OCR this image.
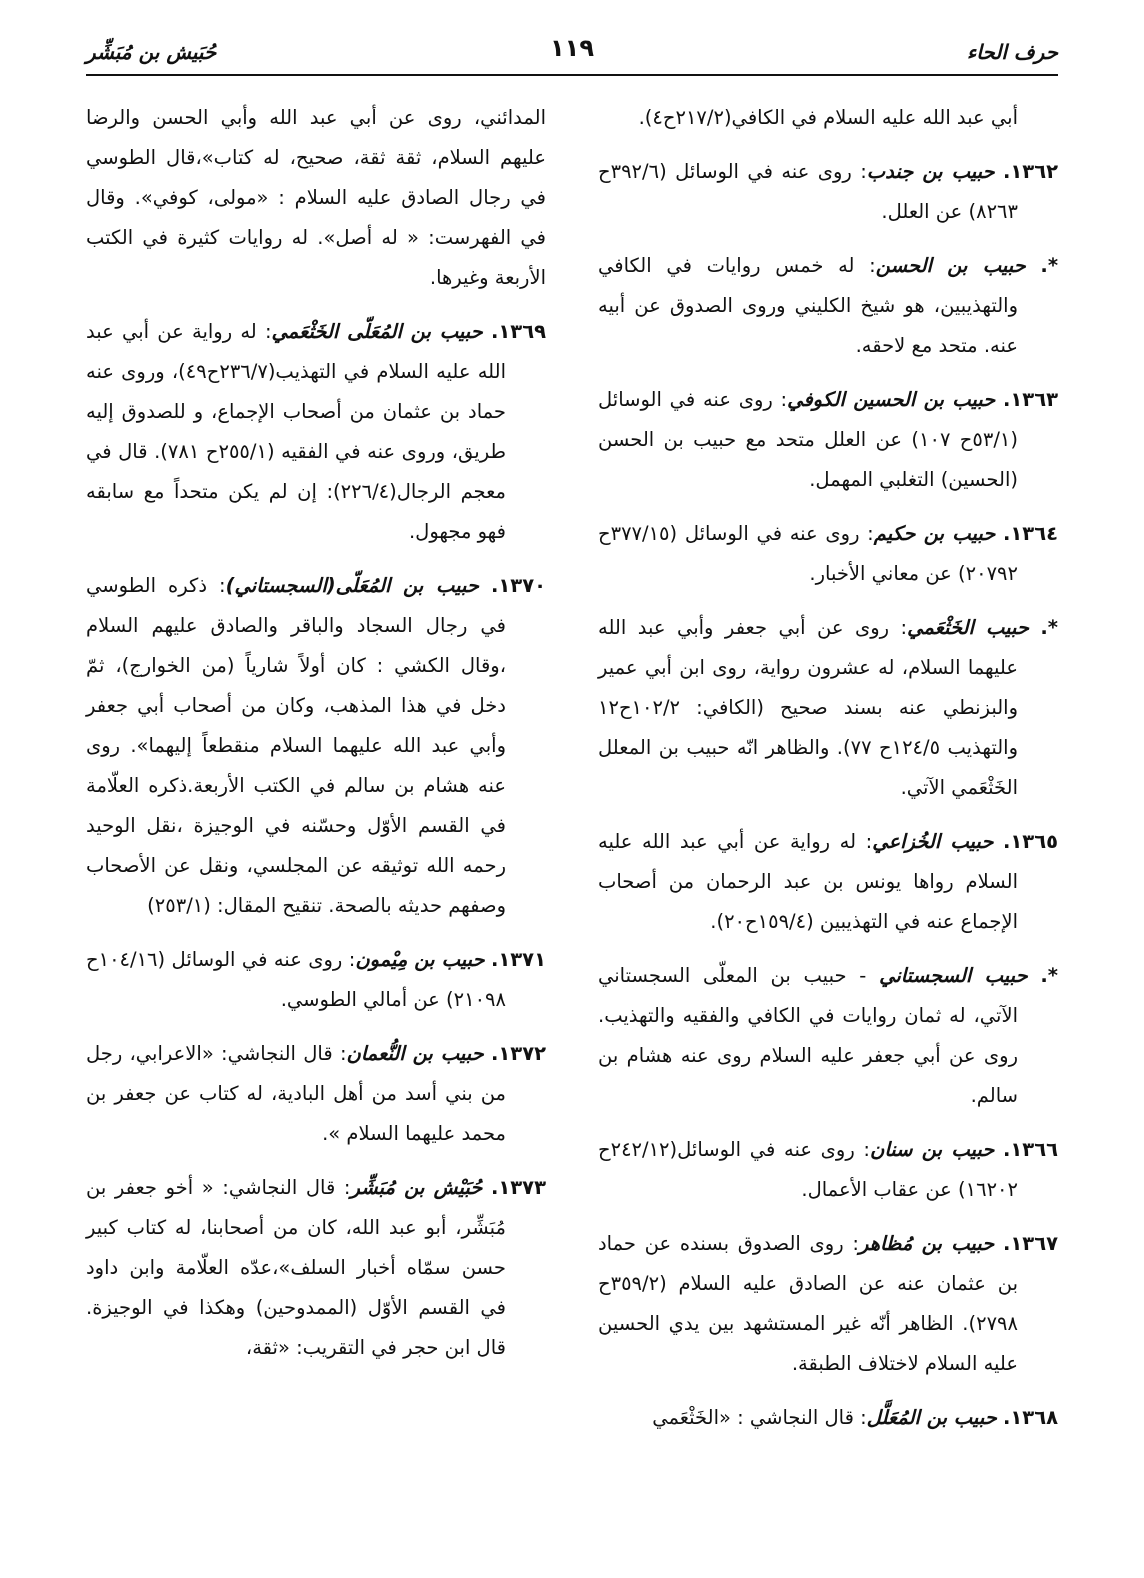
حرف الحاء
١١٩
حُبَيش بن مُبَشِّر

أبي عبد الله عليه السلام في الكافي(٢١٧/٢ح٤).

١٣٦٢. حبيب بن جندب: روى عنه في الوسائل (٣٩٢/٦ح ٨٢٦٣) عن العلل.

*. حبيب بن الحسن: له خمس روايات في الكافي والتهذيبين، هو شيخ الكليني وروى الصدوق عن أبيه عنه. متحد مع لاحقه.

١٣٦٣. حبيب بن الحسين الكوفي: روى عنه في الوسائل (٥٣/١ح ١٠٧) عن العلل متحد مع حبيب بن الحسن (الحسين) التغلبي المهمل.

١٣٦٤. حبيب بن حكيم: روى عنه في الوسائل (٣٧٧/١٥ح ٢٠٧٩٢) عن معاني الأخبار.

*. حبيب الخَثْعَمي: روى عن أبي جعفر وأبي عبد الله عليهما السلام، له عشرون رواية، روى ابن أبي عمير والبزنطي عنه بسند صحيح (الكافي: ١٠٢/٢ح١٢ والتهذيب ١٢٤/٥ح ٧٧). والظاهر انّه حبيب بن المعلل الخَثْعَمي الآتي.

١٣٦٥. حبيب الخُزاعي: له رواية عن أبي عبد الله عليه السلام رواها يونس بن عبد الرحمان من أصحاب الإجماع عنه في التهذيبين (١٥٩/٤ح٢٠).

*. حبيب السجستاني - حبيب بن المعلّى السجستاني الآتي، له ثمان روايات في الكافي والفقيه والتهذيب. روى عن أبي جعفر عليه السلام روى عنه هشام بن سالم.

١٣٦٦. حبيب بن سنان: روى عنه في الوسائل(٢٤٢/١٢ح ١٦٢٠٢) عن عقاب الأعمال.

١٣٦٧. حبيب بن مُظاهر: روى الصدوق بسنده عن حماد بن عثمان عنه عن الصادق عليه السلام (٣٥٩/٢ح ٢٧٩٨). الظاهر أنّه غير المستشهد بين يدي الحسين عليه السلام لاختلاف الطبقة.

١٣٦٨. حبيب بن المُعَلَّل: قال النجاشي : «الخَثْعَمي

المدائني، روى عن أبي عبد الله وأبي الحسن والرضا عليهم السلام، ثقة ثقة، صحيح، له كتاب»،قال الطوسي في رجال الصادق عليه السلام : «مولى، كوفي». وقال في الفهرست: « له أصل». له روايات كثيرة في الكتب الأربعة وغيرها.

١٣٦٩. حبيب بن المُعَلّى الخَثْعَمي: له رواية عن أبي عبد الله عليه السلام في التهذيب(٢٣٦/٧ح٤٩)، وروى عنه حماد بن عثمان من أصحاب الإجماع، و للصدوق إليه طريق، وروى عنه في الفقيه (٢٥٥/١ح ٧٨١). قال في معجم الرجال(٢٢٦/٤): إن لم يكن متحداً مع سابقه فهو مجهول.

١٣٧٠. حبيب بن المُعَلّى(السجستاني): ذكره الطوسي في رجال السجاد والباقر والصادق عليهم السلام ،وقال الكشي : كان أولاً شارياً (من الخوارج)، ثمّ دخل في هذا المذهب، وكان من أصحاب أبي جعفر وأبي عبد الله عليهما السلام منقطعاً إليهما». روى عنه هشام بن سالم في الكتب الأربعة.ذكره العلّامة في القسم الأوّل وحسّنه في الوجيزة ،نقل الوحيد رحمه الله توثيقه عن المجلسي، ونقل عن الأصحاب وصفهم حديثه بالصحة. تنقيح المقال: (٢٥٣/١)

١٣٧١. حبيب بن مِيْمون: روى عنه في الوسائل (١٠٤/١٦ح ٢١٠٩٨) عن أمالي الطوسي.

١٣٧٢. حبيب بن النُّعمان: قال النجاشي: «الاعرابي، رجل من بني أسد من أهل البادية، له كتاب عن جعفر بن محمد عليهما السلام ».

١٣٧٣. حُبَيْش بن مُبَشِّر: قال النجاشي: « أخو جعفر بن مُبَشِّر، أبو عبد الله، كان من أصحابنا، له كتاب كبير حسن سمّاه أخبار السلف»،عدّه العلّامة وابن داود في القسم الأوّل (الممدوحين) وهكذا في الوجيزة. قال ابن حجر في التقريب: «ثقة،
